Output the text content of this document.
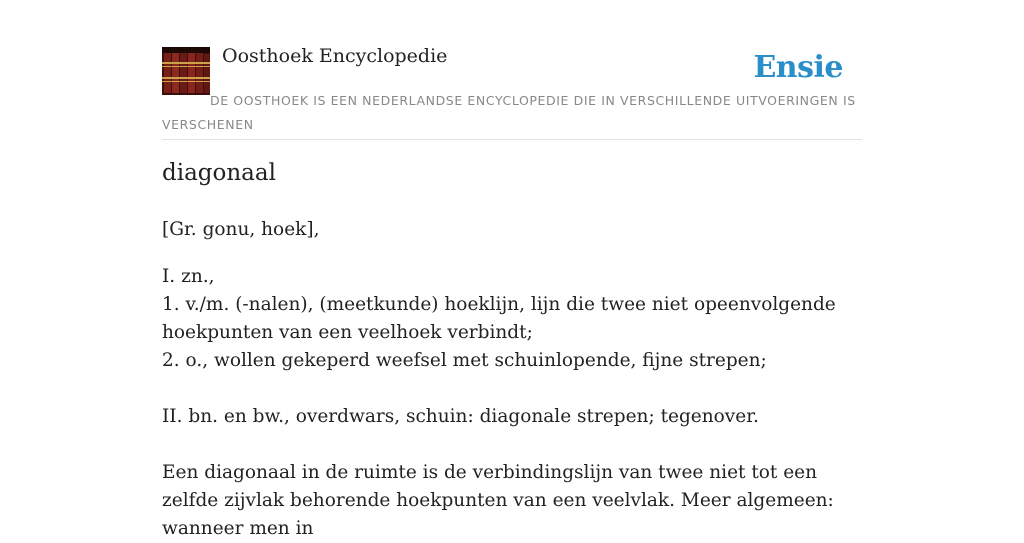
Oosthoek Encyclopedie	Ensie
DE OOSTHOEK IS EEN NEDERLANDSE ENCYCLOPEDIE DIE IN VERSCHILLENDE UITVOERINGEN IS VERSCHENEN
diagonaal

[Gr. gonu, hoek],

I. zn.,

1. v./m. (-nalen), (meetkunde) hoeklijn, lijn die twee niet opeenvolgende hoekpunten van een veelhoek verbindt;

2. o., wollen gekeperd weefsel met schuinlopende, fijne strepen;

II. bn. en bw., overdwars, schuin: diagonale strepen; tegenover.

Een diagonaal in de ruimte is de verbindingslijn van twee niet tot een zelfde zijvlak behorende hoekpunten van een veelvlak. Meer algemeen: wanneer men in
